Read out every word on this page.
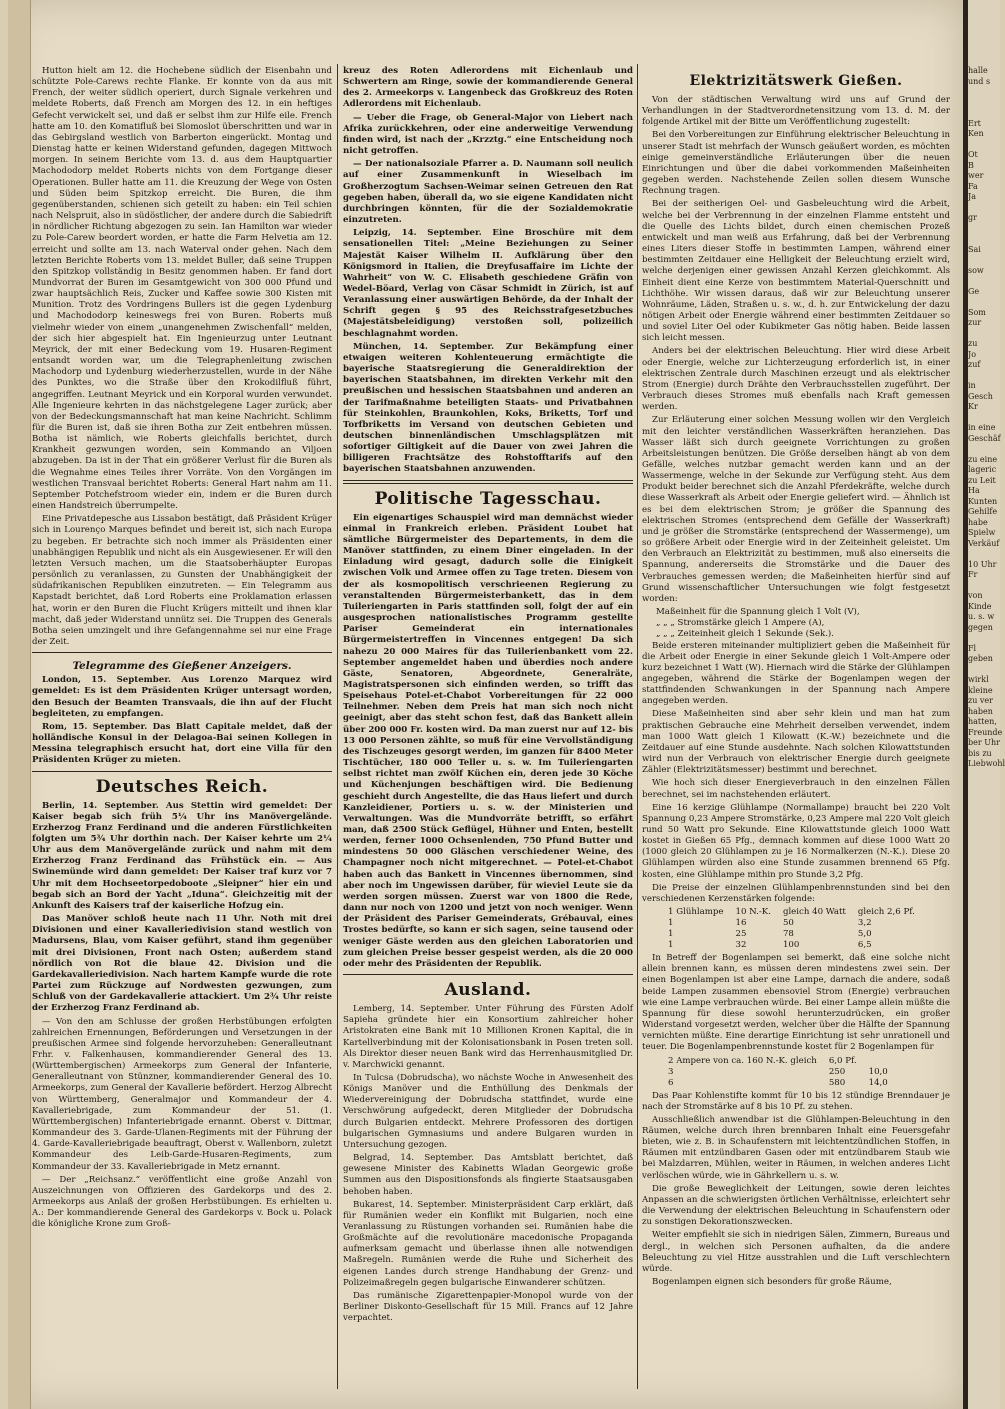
halle
und s

Ert
Ken

Ot
B
wer
Fa
Ja

gr

Sai

sow

Ge

Som
zur

zu
Jo
zuf

in
Gesch
Kr

in eine
Geschäf

zu eine
lageric
zu Leit
Ha
Kunten
Gehilfe
habe
Spielw
Verkäuf

10 Uhr
Fr

von
Kinde
u. s. w
gegen

Fl
geben

wirkl
kleine
zu ver
haben
hatten,
Freunde
ber Uhr
bis zu
Liebwohl

Hutton hielt am 12. die Hochebene südlich der Eisenbahn und schützte Pole-Carews rechte Flanke. Er konnte von da aus mit French, der weiter südlich operiert, durch Signale verkehren und meldete Roberts, daß French am Morgen des 12. in ein heftiges Gefecht verwickelt sei, und daß er selbst ihm zur Hilfe eile. French hatte am 10. den Komatifluß bei Slomoslot überschritten und war in das Gebirgsland westlich von Barberton eingerückt. Montag und Dienstag hatte er keinen Widerstand gefunden, dagegen Mittwoch morgen. In seinem Berichte vom 13. d. aus dem Hauptquartier Machododorp meldet Roberts nichts von dem Fortgange dieser Operationen. Buller hatte am 11. die Kreuzung der Wege von Osten und Süden beim Spitzkop erreicht. Die Buren, die ihm gegenüberstanden, schienen sich geteilt zu haben: ein Teil schien nach Nelspruit, also in südöstlicher, der andere durch die Sabiedrift in nördlicher Richtung abgezogen zu sein. Ian Hamilton war wieder zu Pole-Carew beordert worden, er hatte die Farm Helvetia am 12. erreicht und sollte am 13. nach Waterval onder gehen. Nach dem letzten Berichte Roberts vom 13. meldet Buller, daß seine Truppen den Spitzkop vollständig in Besitz genommen haben. Er fand dort Mundvorrat der Buren im Gesamtgewicht von 300 000 Pfund und zwar hauptsächlich Reis, Zucker und Kaffee sowie 300 Kisten mit Munition. Trotz des Vordringens Bullers ist die gegen Lydenburg und Machododorp keineswegs frei von Buren. Roberts muß vielmehr wieder von einem „unangenehmen Zwischenfall“ melden, der sich hier abgespielt hat. Ein Ingenieurzug unter Leutnant Meyrick, der mit einer Bedeckung vom 19. Husaren-Regiment entsandt worden war, um die Telegraphenleitung zwischen Machodorp und Lydenburg wiederherzustellen, wurde in der Nähe des Punktes, wo die Straße über den Krokodilfluß führt, angegriffen. Leutnant Meyrick und ein Korporal wurden verwundet. Alle Ingenieure kehrten in das nächstgelegene Lager zurück; aber von der Bedeckungsmannschaft hat man keine Nachricht. Schlimm für die Buren ist, daß sie ihren Botha zur Zeit entbehren müssen. Botha ist nämlich, wie Roberts gleichfalls berichtet, durch Krankheit gezwungen worden, sein Kommando an Viljoen abzugeben. Da ist in der That ein größerer Verlust für die Buren als die Wegnahme eines Teiles ihrer Vorräte. Von den Vorgängen im westlichen Transvaal berichtet Roberts: General Hart nahm am 11. September Potchefstroom wieder ein, indem er die Buren durch einen Handstreich überrumpelte.

Eine Privatdepesche aus Lissabon bestätigt, daß Präsident Krüger sich in Lourenço Marques befindet und bereit ist, sich nach Europa zu begeben. Er betrachte sich noch immer als Präsidenten einer unabhängigen Republik und nicht als ein Ausgewiesener. Er will den letzten Versuch machen, um die Staatsoberhäupter Europas persönlich zu veranlassen, zu Gunsten der Unabhängigkeit der südafrikanischen Republiken einzutreten. — Ein Telegramm aus Kapstadt berichtet, daß Lord Roberts eine Proklamation erlassen hat, worin er den Buren die Flucht Krügers mitteilt und ihnen klar macht, daß jeder Widerstand unnütz sei. Die Truppen des Generals Botha seien umzingelt und ihre Gefangennahme sei nur eine Frage der Zeit.

Telegramme des Gießener Anzeigers.

London, 15. September. Aus Lorenzo Marquez wird gemeldet: Es ist dem Präsidenten Krüger untersagt worden, den Besuch der Beamten Transvaals, die ihn auf der Flucht begleiteten, zu empfangen.

Rom, 15. September. Das Blatt Capitale meldet, daß der holländische Konsul in der Delagoa-Bai seinen Kollegen in Messina telegraphisch ersucht hat, dort eine Villa für den Präsidenten Krüger zu mieten.

Deutsches Reich.

Berlin, 14. September. Aus Stettin wird gemeldet: Der Kaiser begab sich früh 5¼ Uhr ins Manövergelände. Erzherzog Franz Ferdinand und die anderen Fürstlichkeiten folgten um 5¾ Uhr dorthin nach. Der Kaiser kehrte um 2¼ Uhr aus dem Manövergelände zurück und nahm mit dem Erzherzog Franz Ferdinand das Frühstück ein. — Aus Swinemünde wird dann gemeldet: Der Kaiser traf kurz vor 7 Uhr mit dem Hochseetorpedoboote „Sleipner“ hier ein und begab sich an Bord der Yacht „Iduna“. Gleichzeitig mit der Ankunft des Kaisers traf der kaiserliche Hofzug ein.

Das Manöver schloß heute nach 11 Uhr. Noth mit drei Divisionen und einer Kavalleriedivision stand westlich von Madursens, Blau, vom Kaiser geführt, stand ihm gegenüber mit drei Divisionen, Front nach Osten; außerdem stand nördlich von Rot die blaue 42. Division und die Gardekavalleriedivision. Nach hartem Kampfe wurde die rote Partei zum Rückzuge auf Nordwesten gezwungen, zum Schluß von der Gardekavallerie attackiert. Um 2¾ Uhr reiste der Erzherzog Franz Ferdinand ab.

— Von den am Schlusse der großen Herbstübungen erfolgten zahlreichen Ernennungen, Beförderungen und Versetzungen in der preußischen Armee sind folgende hervorzuheben: Generalleutnant Frhr. v. Falkenhausen, kommandierender General des 13. (Württembergischen) Armeekorps zum General der Infanterie, Generalleutnant von Stünzner, kommandierender General des 10. Armeekorps, zum General der Kavallerie befördert. Herzog Albrecht von Württemberg, Generalmajor und Kommandeur der 4. Kavalleriebrigade, zum Kommandeur der 51. (1. Württembergischen) Infanteriebrigade ernannt. Oberst v. Dittmar, Kommandeur des 3. Garde-Ulanen-Regiments mit der Führung der 4. Garde-Kavalleriebrigade beauftragt, Oberst v. Wallenborn, zuletzt Kommandeur des Leib-Garde-Husaren-Regiments, zum Kommandeur der 33. Kavalleriebrigade in Metz ernannt.

— Der „Reichsanz.“ veröffentlicht eine große Anzahl von Auszeichnungen von Offizieren des Gardekorps und des 2. Armeekorps aus Anlaß der großen Herbstübungen. Es erhielten u. A.: Der kommandierende General des Gardekorps v. Bock u. Polack die königliche Krone zum Groß-

kreuz des Roten Adlerordens mit Eichenlaub und Schwertern am Ringe, sowie der kommandierende General des 2. Armeekorps v. Langenbeck das Großkreuz des Roten Adlerordens mit Eichenlaub.

— Ueber die Frage, ob General-Major von Liebert nach Afrika zurückkehren, oder eine anderweitige Verwendung finden wird, ist nach der „Krzztg.“ eine Entscheidung noch nicht getroffen.

— Der nationalsoziale Pfarrer a. D. Naumann soll neulich auf einer Zusammenkunft in Wieselbach im Großherzogtum Sachsen-Weimar seinen Getreuen den Rat gegeben haben, überall da, wo sie eigene Kandidaten nicht durchbringen könnten, für die der Sozialdemokratie einzutreten.

Leipzig, 14. September. Eine Broschüre mit dem sensationellen Titel: „Meine Beziehungen zu Seiner Majestät Kaiser Wilhelm II. Aufklärung über den Königsmord in Italien, die Dreyfusaffaire im Lichte der Wahrheit“ von W. C. Elisabeth geschiedene Gräfin von Wedel-Böard, Verlag von Cäsar Schmidt in Zürich, ist auf Veranlassung einer auswärtigen Behörde, da der Inhalt der Schrift gegen § 95 des Reichsstrafgesetzbuches (Majestätsbeleidigung) verstoßen soll, polizeilich beschlagnahmt worden.

München, 14. September. Zur Bekämpfung einer etwaigen weiteren Kohlenteuerung ermächtigte die bayerische Staatsregierung die Generaldirektion der bayerischen Staatsbahnen, im direkten Verkehr mit den preußischen und hessischen Staatsbahnen und anderen an der Tarifmaßnahme beteiligten Staats- und Privatbahnen für Steinkohlen, Braunkohlen, Koks, Briketts, Torf und Torfbriketts im Versand von deutschen Gebieten und deutschen binnenländischen Umschlagsplätzen mit sofortiger Giltigkeit auf die Dauer von zwei Jahren die billigeren Frachtsätze des Rohstofftarifs auf den bayerischen Staatsbahnen anzuwenden.

Politische Tagesschau.

Ein eigenartiges Schauspiel wird man demnächst wieder einmal in Frankreich erleben. Präsident Loubet hat sämtliche Bürgermeister des Departements, in dem die Manöver stattfinden, zu einem Diner eingeladen. In der Einladung wird gesagt, dadurch solle die Einigkeit zwischen Volk und Armee offen zu Tage treten. Diesem von der als kosmopolitisch verschrieenen Regierung zu veranstaltenden Bürgermeisterbankett, das in dem Tuileriengarten in Paris stattfinden soll, folgt der auf ein ausgesprochen nationalistisches Programm gestellte Pariser Gemeinderat ein internationales Bürgermeistertreffen in Vincennes entgegen! Da sich nahezu 20 000 Maires für das Tuilerienbankett vom 22. September angemeldet haben und überdies noch andere Gäste, Senatoren, Abgeordnete, Generalräte, Magistratspersonen sich einfinden werden, so trifft das Speisehaus Potel-et-Chabot Vorbereitungen für 22 000 Teilnehmer. Neben dem Preis hat man sich noch nicht geeinigt, aber das steht schon fest, daß das Bankett allein über 200 000 Fr. kosten wird. Da man zuerst nur auf 12- bis 13 000 Personen zählte, so muß für eine Vervollständigung des Tischzeuges gesorgt werden, im ganzen für 8400 Meter Tischtücher, 180 000 Teller u. s. w. Im Tuileriengarten selbst richtet man zwölf Küchen ein, deren jede 30 Köche und Küchenjungen beschäftigen wird. Die Bedienung geschieht durch Angestellte, die das Haus liefert und durch Kanzleidiener, Portiers u. s. w. der Ministerien und Verwaltungen. Was die Mundvorräte betrifft, so erfährt man, daß 2500 Stück Geflügel, Hühner und Enten, bestellt werden, ferner 1000 Ochsenlenden, 750 Pfund Butter und mindestens 50 000 Gläschen verschiedener Weine, des Champagner noch nicht mitgerechnet. — Potel-et-Chabot haben auch das Bankett in Vincennes übernommen, sind aber noch im Ungewissen darüber, für wieviel Leute sie da werden sorgen müssen. Zuerst war von 1800 die Rede, dann nur noch von 1200 und jetzt von noch weniger. Wenn der Präsident des Pariser Gemeinderats, Grébauval, eines Trostes bedürfte, so kann er sich sagen, seine tausend oder weniger Gäste werden aus den gleichen Laboratorien und zum gleichen Preise besser gespeist werden, als die 20 000 oder mehr des Präsidenten der Republik.

Ausland.

Lemberg, 14. September. Unter Führung des Fürsten Adolf Sapieha gründete hier ein Konsortium zahlreicher hoher Aristokraten eine Bank mit 10 Millionen Kronen Kapital, die in Kartellverbindung mit der Kolonisationsbank in Posen treten soll. Als Direktor dieser neuen Bank wird das Herrenhausmitglied Dr. v. Marchwicki genannt.

In Tulcsa (Dobrudscha), wo nächste Woche in Anwesenheit des Königs Manöver und die Enthüllung des Denkmals der Wiedervereinigung der Dobrudscha stattfindet, wurde eine Verschwörung aufgedeckt, deren Mitglieder der Dobrudscha durch Bulgarien entdeckt. Mehrere Professoren des dortigen bulgarischen Gymnasiums und andere Bulgaren wurden in Untersuchung gezogen.

Belgrad, 14. September. Das Amtsblatt berichtet, daß gewesene Minister des Kabinetts Wladan Georgewic große Summen aus den Dispositionsfonds als fingierte Staatsausgaben behoben haben.

Bukarest, 14. September. Ministerpräsident Carp erklärt, daß für Rumänien weder ein Konflikt mit Bulgarien, noch eine Veranlassung zu Rüstungen vorhanden sei. Rumänien habe die Großmächte auf die revolutionäre macedonische Propaganda aufmerksam gemacht und überlasse ihnen alle notwendigen Maßregeln. Rumänien werde die Ruhe und Sicherheit des eigenen Landes durch strenge Handhabung der Grenz- und Polizeimaßregeln gegen bulgarische Einwanderer schützen.

Das rumänische Zigarettenpapier-Monopol wurde von der Berliner Diskonto-Gesellschaft für 15 Mill. Francs auf 12 Jahre verpachtet.

Elektrizitätswerk Gießen.

Von der städtischen Verwaltung wird uns auf Grund der Verhandlungen in der Stadtverordnetensitzung vom 13. d. M. der folgende Artikel mit der Bitte um Veröffentlichung zugestellt:

Bei den Vorbereitungen zur Einführung elektrischer Beleuchtung in unserer Stadt ist mehrfach der Wunsch geäußert worden, es möchten einige gemeinverständliche Erläuterungen über die neuen Einrichtungen und über die dabei vorkommenden Maßeinheiten gegeben werden. Nachstehende Zeilen sollen diesem Wunsche Rechnung tragen.

Bei der seitherigen Oel- und Gasbeleuchtung wird die Arbeit, welche bei der Verbrennung in der einzelnen Flamme entsteht und die Quelle des Lichts bildet, durch einen chemischen Prozeß entwickelt und man weiß aus Erfahrung, daß bei der Verbrennung eines Liters dieser Stoffe in bestimmten Lampen, während einer bestimmten Zeitdauer eine Helligkeit der Beleuchtung erzielt wird, welche derjenigen einer gewissen Anzahl Kerzen gleichkommt. Als Einheit dient eine Kerze von bestimmtem Material-Querschnitt und Lichthöhe. Wir wissen daraus, daß wir zur Beleuchtung unserer Wohnräume, Läden, Straßen u. s. w., d. h. zur Entwickelung der dazu nötigen Arbeit oder Energie während einer bestimmten Zeitdauer so und soviel Liter Oel oder Kubikmeter Gas nötig haben. Beide lassen sich leicht messen.

Anders bei der elektrischen Beleuchtung. Hier wird diese Arbeit oder Energie, welche zur Lichterzeugung erforderlich ist, in einer elektrischen Zentrale durch Maschinen erzeugt und als elektrischer Strom (Energie) durch Drähte den Verbrauchsstellen zugeführt. Der Verbrauch dieses Stromes muß ebenfalls nach Kraft gemessen werden.

Zur Erläuterung einer solchen Messung wollen wir den Vergleich mit den leichter verständlichen Wasserkräften heranziehen. Das Wasser läßt sich durch geeignete Vorrichtungen zu großen Arbeitsleistungen benützen. Die Größe derselben hängt ab von dem Gefälle, welches nutzbar gemacht werden kann und an der Wassermenge, welche in der Sekunde zur Verfügung steht. Aus dem Produkt beider berechnet sich die Anzahl Pferdekräfte, welche durch diese Wasserkraft als Arbeit oder Energie geliefert wird. — Ähnlich ist es bei dem elektrischen Strom; je größer die Spannung des elektrischen Stromes (entsprechend dem Gefälle der Wasserkraft) und je größer die Stromstärke (entsprechend der Wassermenge), um so größere Arbeit oder Energie wird in der Zeiteinheit geleistet. Um den Verbrauch an Elektrizität zu bestimmen, muß also einerseits die Spannung, andererseits die Stromstärke und die Dauer des Verbrauches gemessen werden; die Maßeinheiten hierfür sind auf Grund wissenschaftlicher Untersuchungen wie folgt festgesetzt worden:

Maßeinheit für die Spannung gleich 1 Volt (V),
„ „ „ Stromstärke gleich 1 Ampere (A),
„ „ „ Zeiteinheit gleich 1 Sekunde (Sek.).

Beide ersteren miteinander multipliziert geben die Maßeinheit für die Arbeit oder Energie in einer Sekunde gleich 1 Volt-Ampere oder kurz bezeichnet 1 Watt (W). Hiernach wird die Stärke der Glühlampen angegeben, während die Stärke der Bogenlampen wegen der stattfindenden Schwankungen in der Spannung nach Ampere angegeben werden.

Diese Maßeinheiten sind aber sehr klein und man hat zum praktischen Gebrauche eine Mehrheit derselben verwendet, indem man 1000 Watt gleich 1 Kilowatt (K.-W.) bezeichnete und die Zeitdauer auf eine Stunde ausdehnte. Nach solchen Kilowattstunden wird nun der Verbrauch von elektrischer Energie durch geeignete Zähler (Elektrizitätsmesser) bestimmt und berechnet.

Wie hoch sich dieser Energieverbrauch in den einzelnen Fällen berechnet, sei im nachstehenden erläutert.

Eine 16 kerzige Glühlampe (Normallampe) braucht bei 220 Volt Spannung 0,23 Ampere Stromstärke, 0,23 Ampere mal 220 Volt gleich rund 50 Watt pro Sekunde. Eine Kilowattstunde gleich 1000 Watt kostet in Gießen 65 Pfg., demnach kommen auf diese 1000 Watt 20 (1000 gleich 20 Glühlampen zu je 16 Normalkerzen (N.-K.). Diese 20 Glühlampen würden also eine Stunde zusammen brennend 65 Pfg. kosten, eine Glühlampe mithin pro Stunde 3,2 Pfg.

Die Preise der einzelnen Glühlampenbrennstunden sind bei den verschiedenen Kerzenstärken folgende:

1 Glühlampe	10 N.-K.	gleich 40 Watt	gleich 2,6 Pf.
1	16	50	3,2
1	25	78	5,0
1	32	100	6,5

In Betreff der Bogenlampen sei bemerkt, daß eine solche nicht allein brennen kann, es müssen deren mindestens zwei sein. Der einen Bogenlampen ist aber eine Lampe, darnach die andere, sodaß beide Lampen zusammen ebensoviel Strom (Energie) verbrauchen wie eine Lampe verbrauchen würde. Bei einer Lampe allein müßte die Spannung für diese sowohl herunterzudrücken, ein großer Widerstand vorgesetzt werden, welcher über die Hälfte der Spannung vernichten müßte. Eine derartige Einrichtung ist sehr unrationell und teuer. Die Bogenlampenbrennstunde kostet für 2 Bogenlampen für

2 Ampere von ca. 160 N.-K. gleich	6,0 Pf.	
3	250	10,0
6	580	14,0

Das Paar Kohlenstifte kommt für 10 bis 12 stündige Brenndauer je nach der Stromstärke auf 8 bis 10 Pf. zu stehen.

Ausschließlich anwendbar ist die Glühlampen-Beleuchtung in den Räumen, welche durch ihren brennbaren Inhalt eine Feuersgefahr bieten, wie z. B. in Schaufenstern mit leichtentzündlichen Stoffen, in Räumen mit entzündbaren Gasen oder mit entzündbarem Staub wie bei Malzdarren, Mühlen, weiter in Räumen, in welchen anderes Licht verlöschen würde, wie in Gährkellern u. s. w.

Die große Beweglichkeit der Leitungen, sowie deren leichtes Anpassen an die schwierigsten örtlichen Verhältnisse, erleichtert sehr die Verwendung der elektrischen Beleuchtung in Schaufenstern oder zu sonstigen Dekorationszwecken.

Weiter empfiehlt sie sich in niedrigen Sälen, Zimmern, Bureaus und dergl., in welchen sich Personen aufhalten, da die andere Beleuchtung zu viel Hitze ausstrahlen und die Luft verschlechtern würde.

Bogenlampen eignen sich besonders für große Räume,
